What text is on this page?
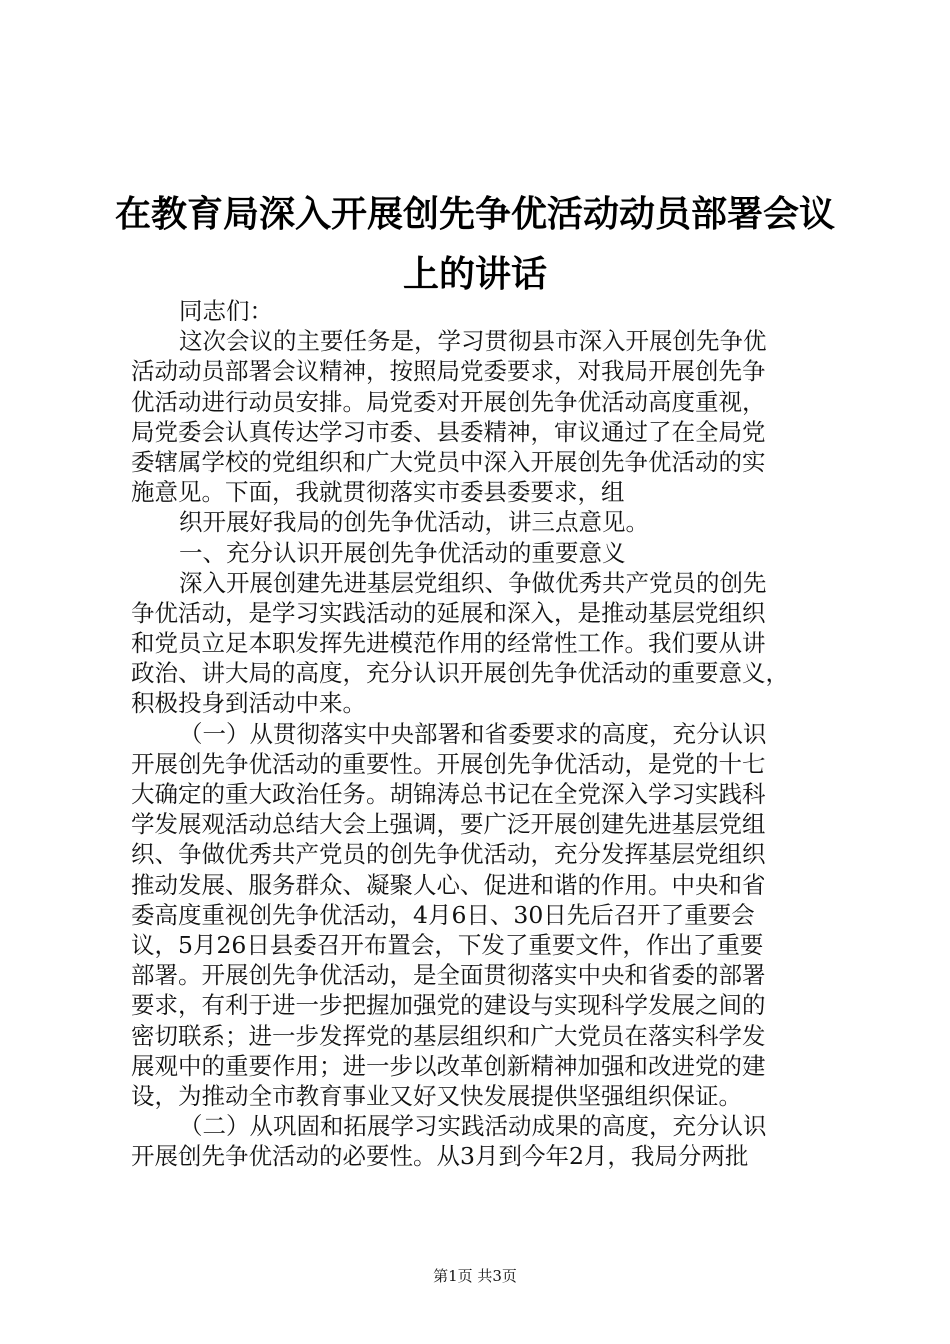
在教育局深入开展创先争优活动动员部署会议
上的讲话
同志们：
这次会议的主要任务是，学习贯彻县市深入开展创先争优
活动动员部署会议精神，按照局党委要求，对我局开展创先争
优活动进行动员安排。局党委对开展创先争优活动高度重视，
局党委会认真传达学习市委、县委精神，审议通过了在全局党
委辖属学校的党组织和广大党员中深入开展创先争优活动的实
施意见。下面，我就贯彻落实市委县委要求，组
织开展好我局的创先争优活动，讲三点意见。
一、充分认识开展创先争优活动的重要意义
深入开展创建先进基层党组织、争做优秀共产党员的创先
争优活动，是学习实践活动的延展和深入，是推动基层党组织
和党员立足本职发挥先进模范作用的经常性工作。我们要从讲
政治、讲大局的高度，充分认识开展创先争优活动的重要意义，
积极投身到活动中来。
（一）从贯彻落实中央部署和省委要求的高度，充分认识
开展创先争优活动的重要性。开展创先争优活动，是党的十七
大确定的重大政治任务。胡锦涛总书记在全党深入学习实践科
学发展观活动总结大会上强调，要广泛开展创建先进基层党组
织、争做优秀共产党员的创先争优活动，充分发挥基层党组织
推动发展、服务群众、凝聚人心、促进和谐的作用。中央和省
委高度重视创先争优活动，4月6日、30日先后召开了重要会
议，5月26日县委召开布置会，下发了重要文件，作出了重要
部署。开展创先争优活动，是全面贯彻落实中央和省委的部署
要求，有利于进一步把握加强党的建设与实现科学发展之间的
密切联系；进一步发挥党的基层组织和广大党员在落实科学发
展观中的重要作用；进一步以改革创新精神加强和改进党的建
设，为推动全市教育事业又好又快发展提供坚强组织保证。
（二）从巩固和拓展学习实践活动成果的高度，充分认识
开展创先争优活动的必要性。从3月到今年2月，我局分两批
第1页 共3页
